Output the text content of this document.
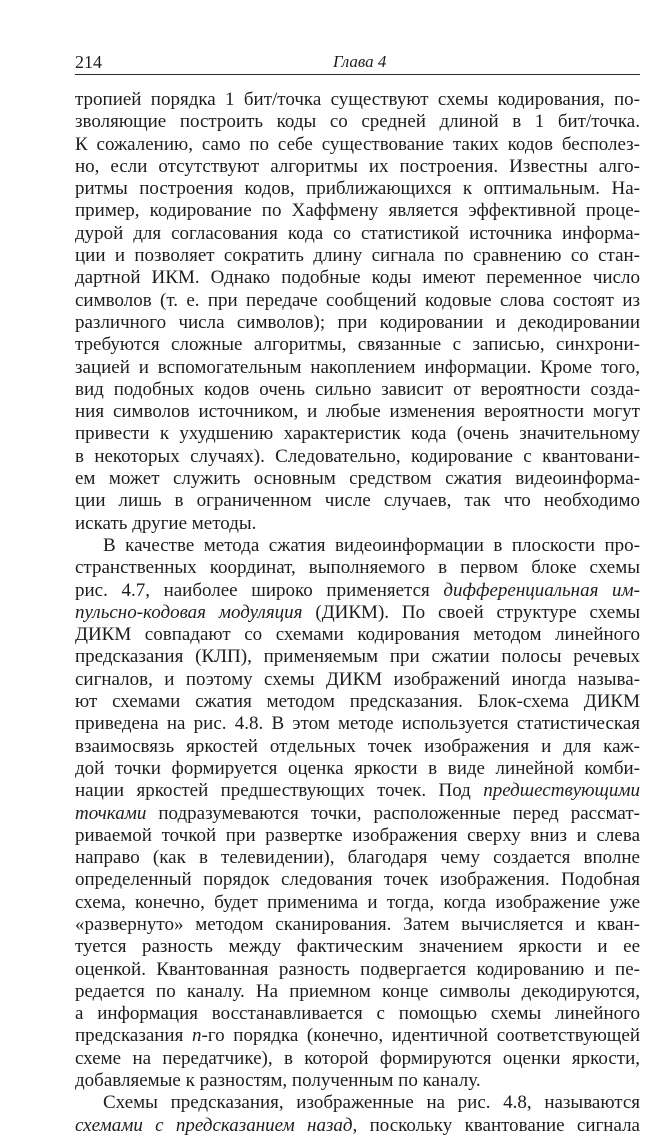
214	Глава 4
тропией порядка 1 бит/точка существуют схемы кодирования, по-
зволяющие построить коды со средней длиной в 1 бит/точка.
К сожалению, само по себе существование таких кодов бесполез-
но, если отсутствуют алгоритмы их построения. Известны алго-
ритмы построения кодов, приближающихся к оптимальным. На-
пример, кодирование по Хаффмену является эффективной проце-
дурой для согласования кода со статистикой источника информа-
ции и позволяет сократить длину сигнала по сравнению со стан-
дартной ИКМ. Однако подобные коды имеют переменное число
символов (т. е. при передаче сообщений кодовые слова состоят из
различного числа символов); при кодировании и декодировании
требуются сложные алгоритмы, связанные с записью, синхрони-
зацией и вспомогательным накоплением информации. Кроме того,
вид подобных кодов очень сильно зависит от вероятности созда-
ния символов источником, и любые изменения вероятности могут
привести к ухудшению характеристик кода (очень значительному
в некоторых случаях). Следовательно, кодирование с квантовани-
ем может служить основным средством сжатия видеоинформа-
ции лишь в ограниченном числе случаев, так что необходимо
искать другие методы.
В качестве метода сжатия видеоинформации в плоскости про-
странственных координат, выполняемого в первом блоке схемы
рис. 4.7, наиболее широко применяется дифференциальная им-
пульсно-кодовая модуляция (ДИКМ). По своей структуре схемы
ДИКМ совпадают со схемами кодирования методом линейного
предсказания (КЛП), применяемым при сжатии полосы речевых
сигналов, и поэтому схемы ДИКМ изображений иногда называ-
ют схемами сжатия методом предсказания. Блок-схема ДИКМ
приведена на рис. 4.8. В этом методе используется статистическая
взаимосвязь яркостей отдельных точек изображения и для каж-
дой точки формируется оценка яркости в виде линейной комби-
нации яркостей предшествующих точек. Под предшествующими
точками подразумеваются точки, расположенные перед рассмат-
риваемой точкой при развертке изображения сверху вниз и слева
направо (как в телевидении), благодаря чему создается вполне
определенный порядок следования точек изображения. Подобная
схема, конечно, будет применима и тогда, когда изображение уже
«развернуто» методом сканирования. Затем вычисляется и кван-
туется разность между фактическим значением яркости и ее
оценкой. Квантованная разность подвергается кодированию и пе-
редается по каналу. На приемном конце символы декодируются,
а информация восстанавливается с помощью схемы линейного
предсказания n-го порядка (конечно, идентичной соответствующей
схеме на передатчике), в которой формируются оценки яркости,
добавляемые к разностям, полученным по каналу.
Схемы предсказания, изображенные на рис. 4.8, называются
схемами с предсказанием назад, поскольку квантование сигнала
